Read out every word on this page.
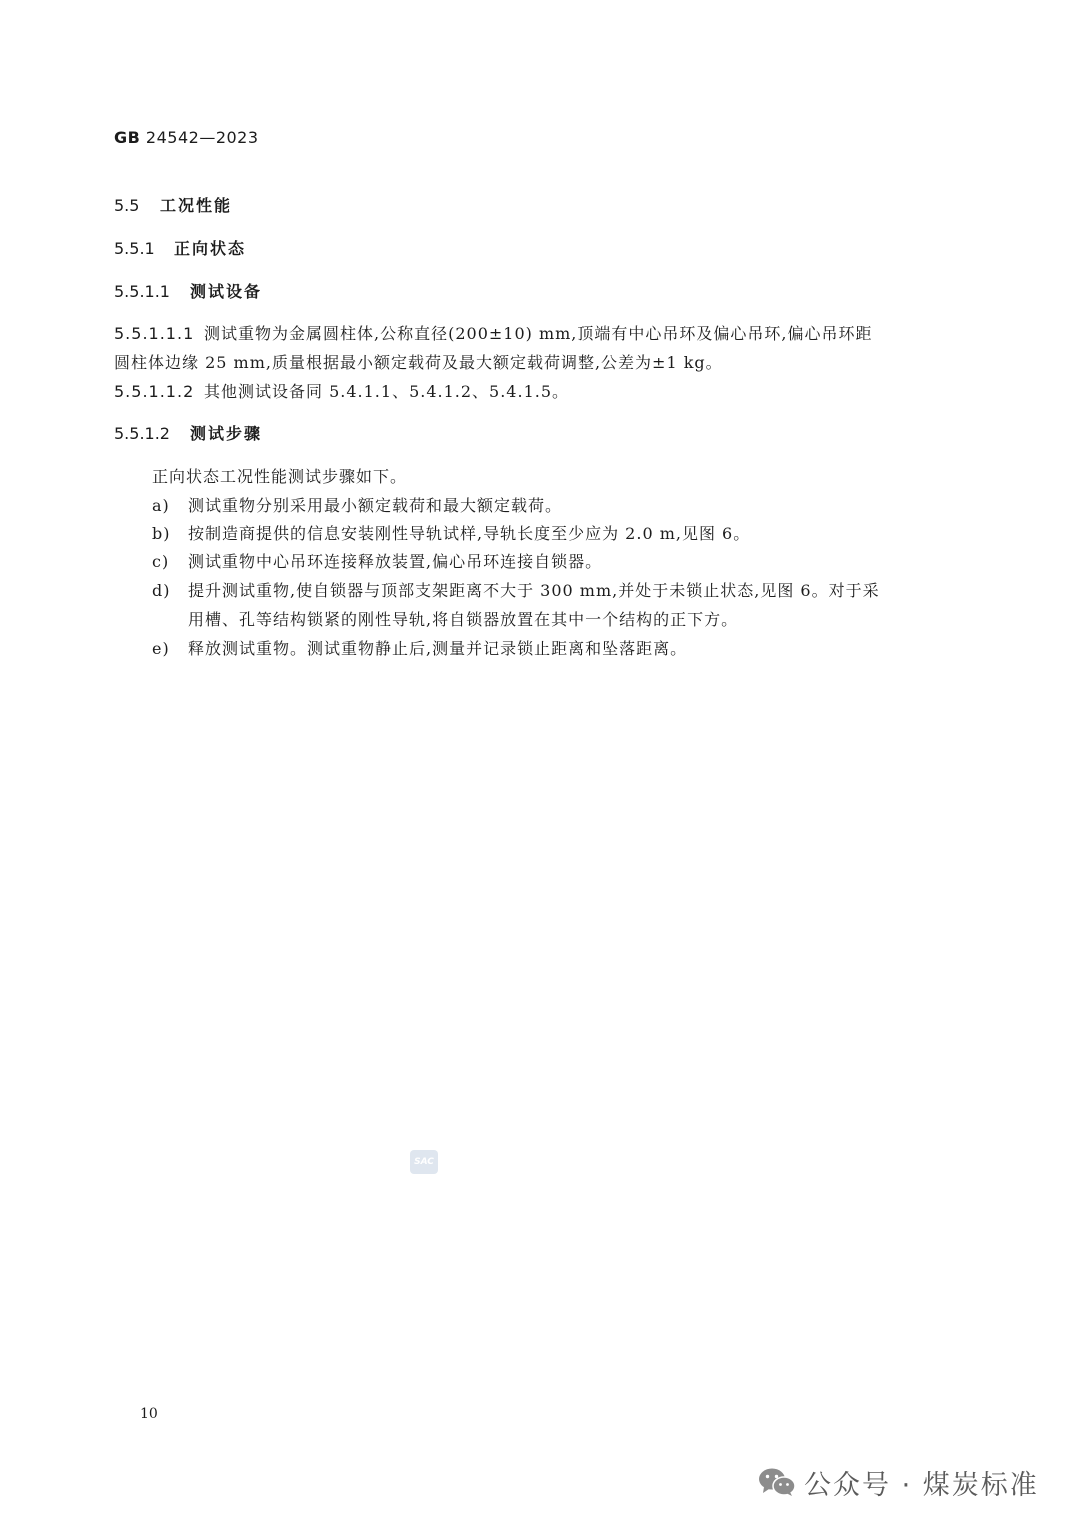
GB 24542—2023
5.5 工况性能
5.5.1 正向状态
5.5.1.1 测试设备
5.5.1.1.1 测试重物为金属圆柱体,公称直径(200±10) mm,顶端有中心吊环及偏心吊环,偏心吊环距
圆柱体边缘 25 mm,质量根据最小额定载荷及最大额定载荷调整,公差为±1 kg。
5.5.1.1.2 其他测试设备同 5.4.1.1、5.4.1.2、5.4.1.5。
5.5.1.2 测试步骤
正向状态工况性能测试步骤如下。
a) 测试重物分别采用最小额定载荷和最大额定载荷。
b) 按制造商提供的信息安装刚性导轨试样,导轨长度至少应为 2.0 m,见图 6。
c) 测试重物中心吊环连接释放装置,偏心吊环连接自锁器。
d) 提升测试重物,使自锁器与顶部支架距离不大于 300 mm,并处于未锁止状态,见图 6。对于采
用槽、孔等结构锁紧的刚性导轨,将自锁器放置在其中一个结构的正下方。
e) 释放测试重物。测试重物静止后,测量并记录锁止距离和坠落距离。
SAC
10
公众号 · 煤炭标准
